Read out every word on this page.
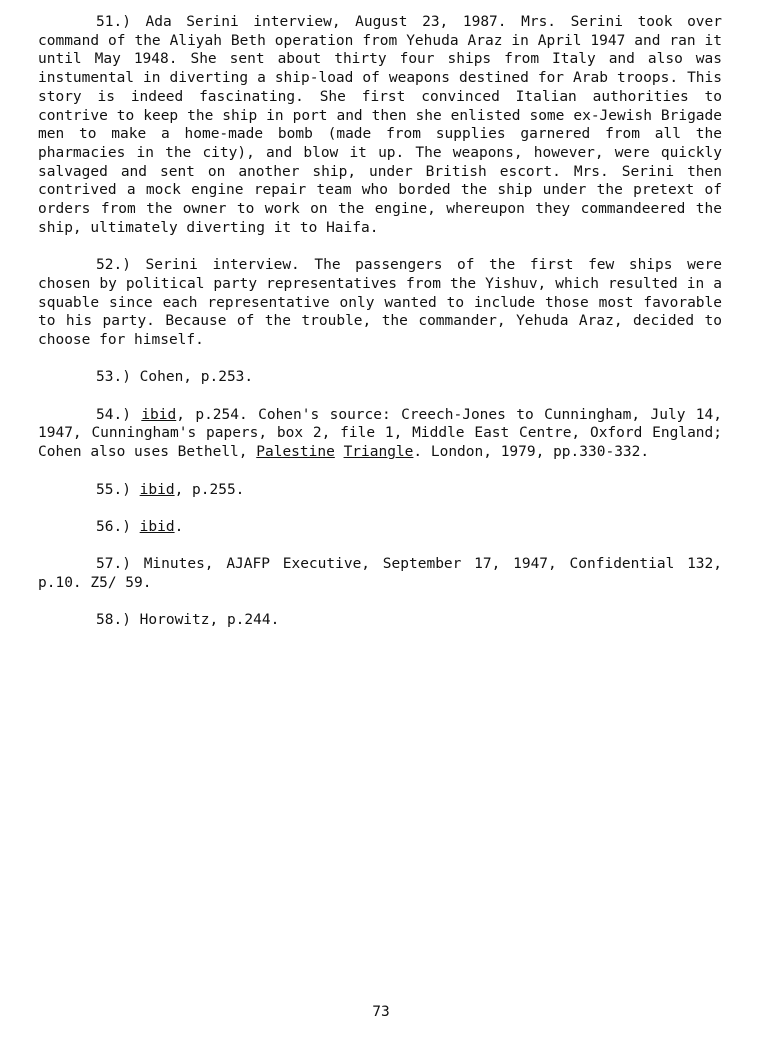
51.) Ada Serini interview, August 23, 1987. Mrs. Serini took over command of the Aliyah Beth operation from Yehuda Araz in April 1947 and ran it until May 1948. She sent about thirty four ships from Italy and also was instumental in diverting a ship-load of weapons destined for Arab troops. This story is indeed fascinating. She first convinced Italian authorities to contrive to keep the ship in port and then she enlisted some ex-Jewish Brigade men to make a home-made bomb (made from supplies garnered from all the pharmacies in the city), and blow it up. The weapons, however, were quickly salvaged and sent on another ship, under British escort. Mrs. Serini then contrived a mock engine repair team who borded the ship under the pretext of orders from the owner to work on the engine, whereupon they commandeered the ship, ultimately diverting it to Haifa.

52.) Serini interview. The passengers of the first few ships were chosen by political party representatives from the Yishuv, which resulted in a squable since each representative only wanted to include those most favorable to his party. Because of the trouble, the commander, Yehuda Araz, decided to choose for himself.

53.) Cohen, p.253.

54.) ibid, p.254. Cohen's source: Creech-Jones to Cunningham, July 14, 1947, Cunningham's papers, box 2, file 1, Middle East Centre, Oxford England; Cohen also uses Bethell, Palestine Triangle. London, 1979, pp.330-332.

55.) ibid, p.255.

56.) ibid.

57.) Minutes, AJAFP Executive, September 17, 1947, Confidential 132, p.10. Z5/ 59.

58.) Horowitz, p.244.

73
